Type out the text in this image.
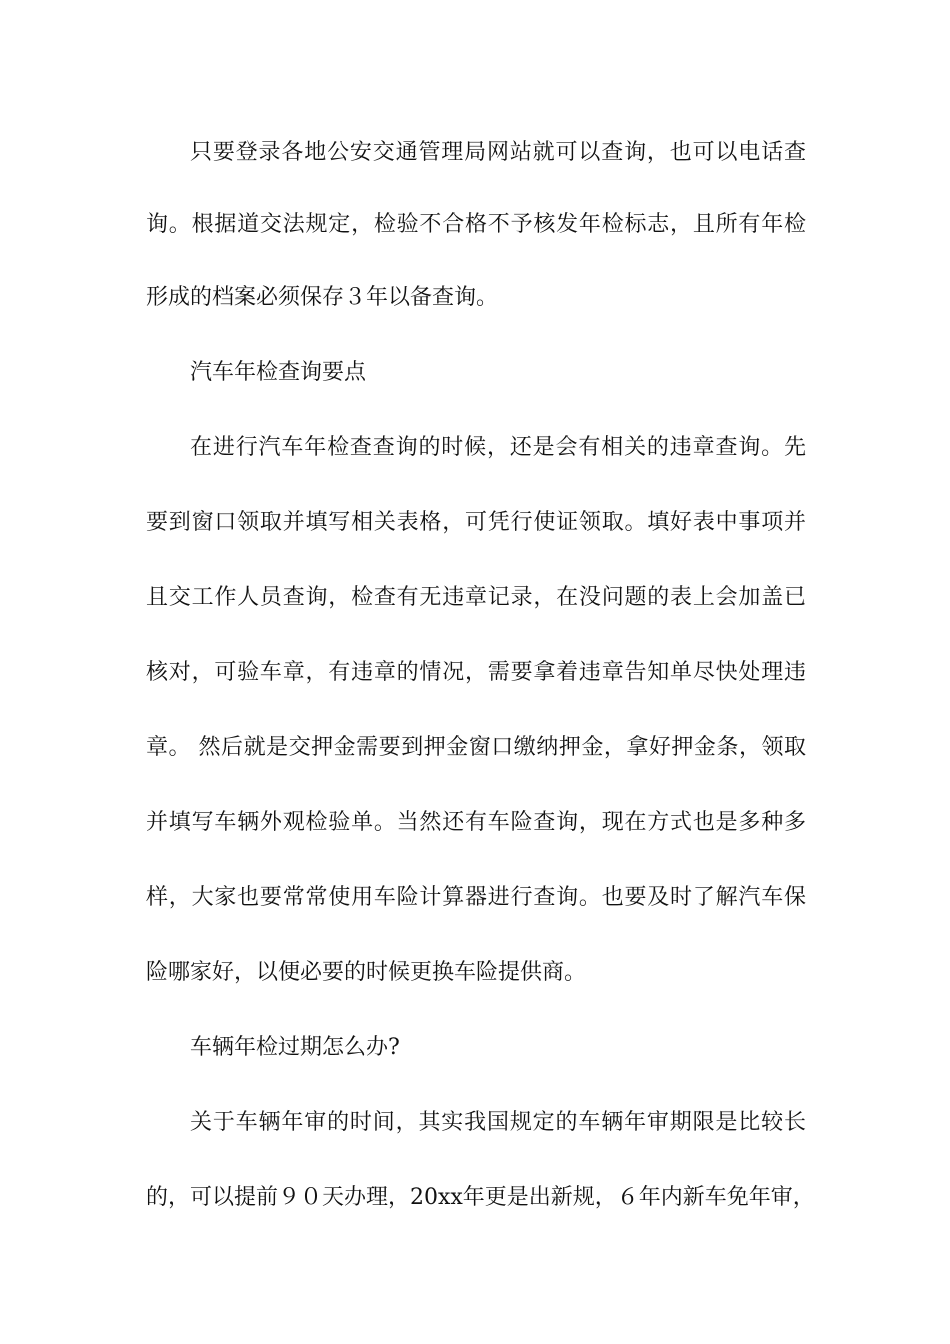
只要登录各地公安交通管理局网站就可以查询，也可以电话查

询。根据道交法规定，检验不合格不予核发年检标志，且所有年检

形成的档案必须保存３年以备查询。

汽车年检查询要点

在进行汽车年检查查询的时候，还是会有相关的违章查询。先

要到窗口领取并填写相关表格，可凭行使证领取。填好表中事项并

且交工作人员查询，检查有无违章记录，在没问题的表上会加盖已

核对，可验车章，有违章的情况，需要拿着违章告知单尽快处理违

章。 然后就是交押金需要到押金窗口缴纳押金，拿好押金条，领取

并填写车辆外观检验单。当然还有车险查询，现在方式也是多种多

样，大家也要常常使用车险计算器进行查询。也要及时了解汽车保

险哪家好，以便必要的时候更换车险提供商。

车辆年检过期怎么办?

关于车辆年审的时间，其实我国规定的车辆年审期限是比较长

的，可以提前９０天办理，20xx年更是出新规，６年内新车免年审，
